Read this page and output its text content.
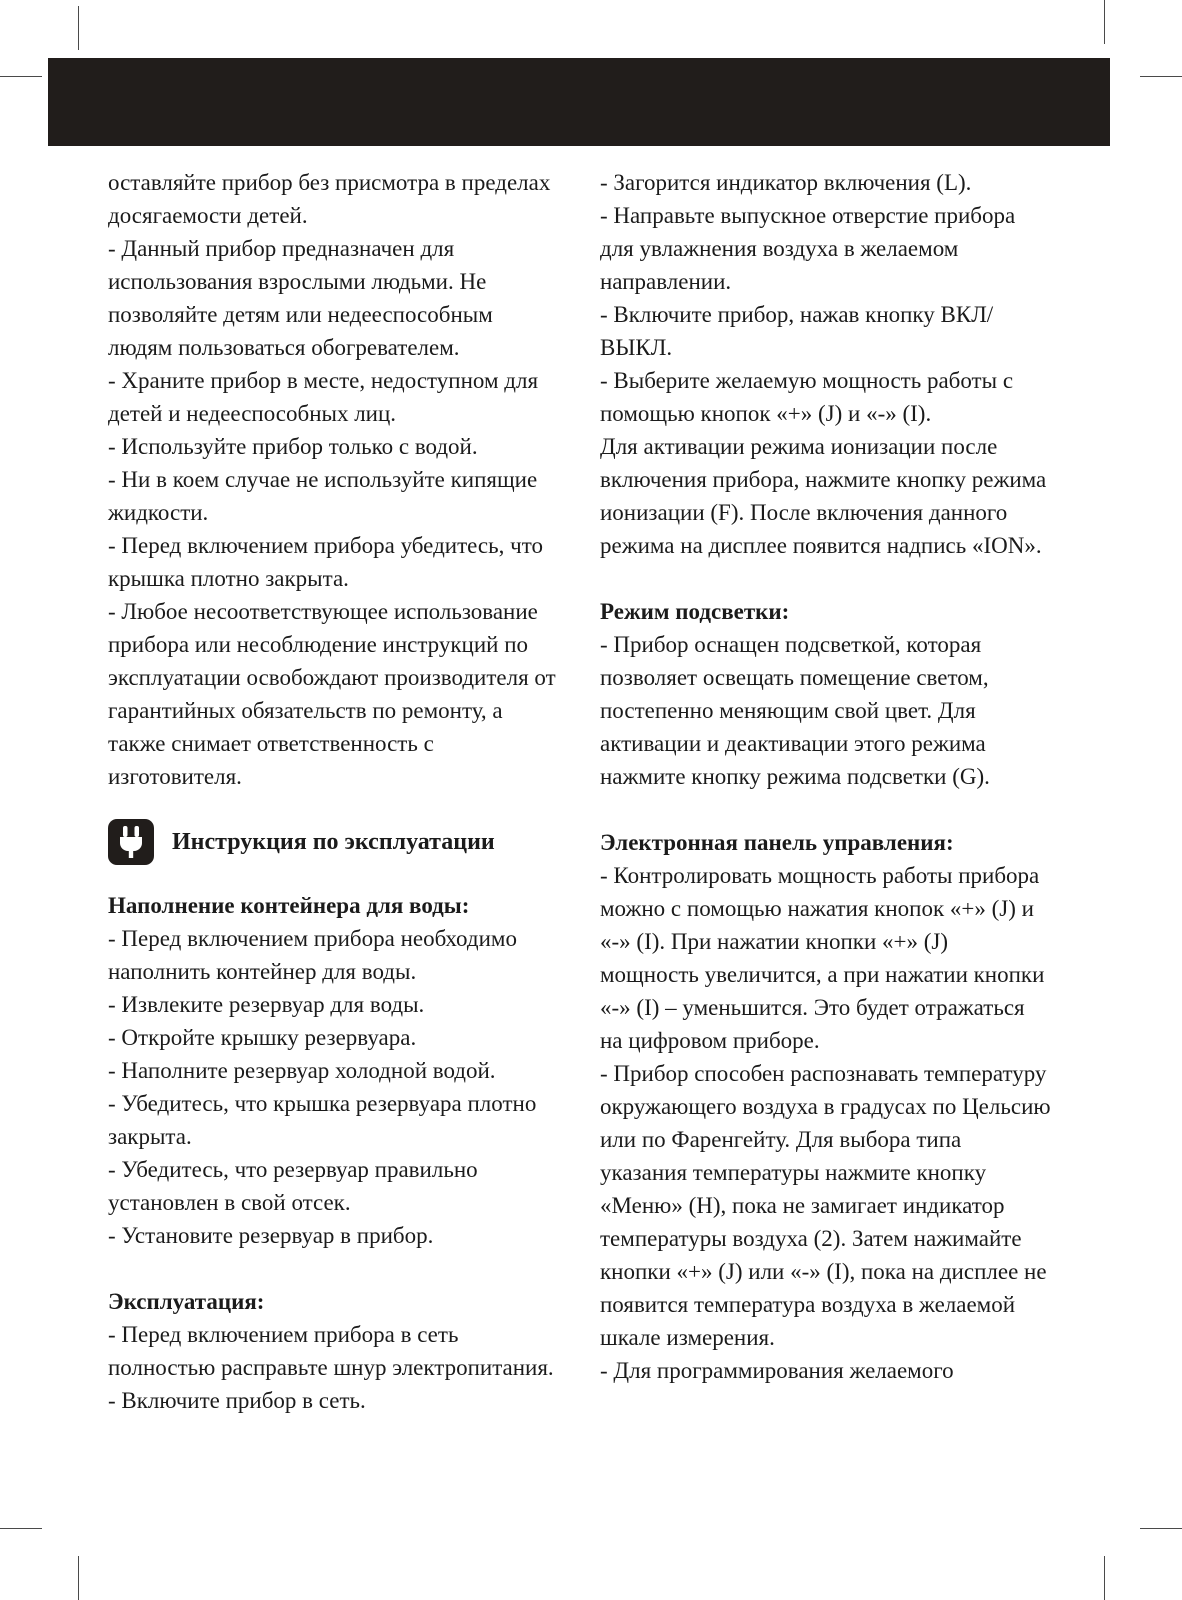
оставляйте прибор без присмотра в пределах досягаемости детей.

- Данный прибор предназначен для использования взрослыми людьми. Не позволяйте детям или недееспособным людям пользоваться обогревателем.

- Храните прибор в месте, недоступном для детей и недееспособных лиц.

- Используйте прибор только с водой.

- Ни в коем случае не используйте кипящие жидкости.

- Перед включением прибора убедитесь, что крышка плотно закрыта.

- Любое несоответствующее использование прибора или несоблюдение инструкций по эксплуатации освобождают производителя от гарантийных обязательств по ремонту, а также снимает ответственность с изготовителя.

Инструкция по эксплуатации
Наполнение контейнера для воды:

- Перед включением прибора необходимо наполнить контейнер для воды.

- Извлеките резервуар для воды.

- Откройте крышку резервуара.

- Наполните резервуар холодной водой.

- Убедитесь, что крышка резервуара плотно закрыта.

- Убедитесь, что резервуар правильно установлен в свой отсек.

- Установите резервуар в прибор.

Эксплуатация:

- Перед включением прибора в сеть полностью расправьте шнур электропитания.

- Включите прибор в сеть.

- Загорится индикатор включения (L).

- Направьте выпускное отверстие прибора для увлажнения воздуха в желаемом направлении.

- Включите прибор, нажав кнопку ВКЛ/ВЫКЛ.

- Выберите желаемую мощность работы с помощью кнопок «+» (J) и «-» (I).

Для активации режима ионизации после включения прибора, нажмите кнопку режима ионизации (F). После включения данного режима на дисплее появится надпись «ION».

Режим подсветки:

- Прибор оснащен подсветкой, которая позволяет освещать помещение светом, постепенно меняющим свой цвет. Для активации и деактивации этого режима нажмите кнопку режима подсветки (G).

Электронная панель управления:

- Контролировать мощность работы прибора можно с помощью нажатия кнопок «+» (J) и «-» (I). При нажатии кнопки «+» (J) мощность увеличится, а при нажатии кнопки «-» (I) – уменьшится. Это будет отражаться на цифровом приборе.

- Прибор способен распознавать температуру окружающего воздуха в градусах по Цельсию или по Фаренгейту. Для выбора типа указания температуры нажмите кнопку «Меню» (H), пока не замигает индикатор температуры воздуха (2). Затем нажимайте кнопки «+» (J) или «-» (I), пока на дисплее не появится температура воздуха в желаемой шкале измерения.

- Для программирования желаемого
